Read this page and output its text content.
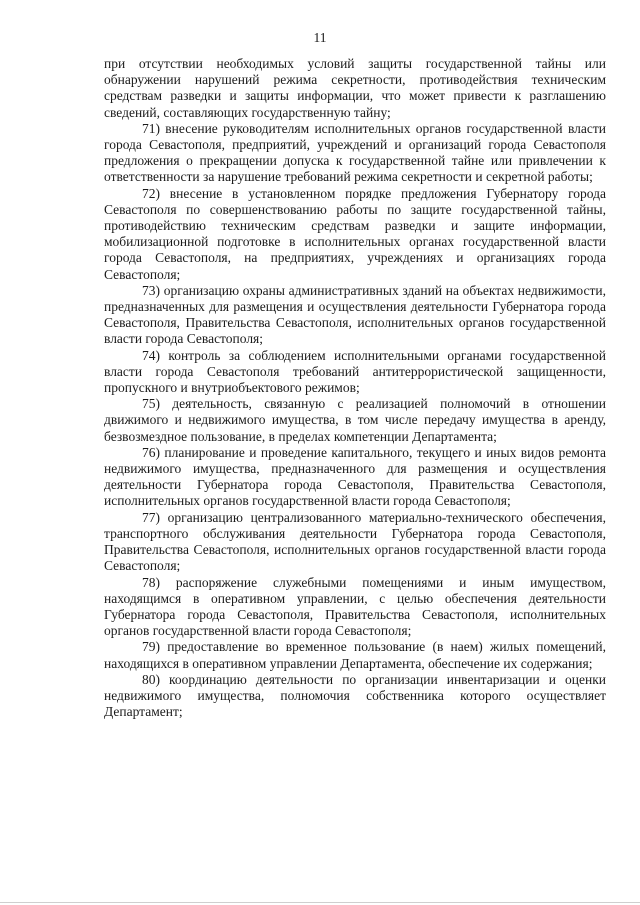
11

при отсутствии необходимых условий защиты государственной тайны или обнаружении нарушений режима секретности, противодействия техническим средствам разведки и защиты информации, что может привести к разглашению сведений, составляющих государственную тайну;

71) внесение руководителям исполнительных органов государственной власти города Севастополя, предприятий, учреждений и организаций города Севастополя предложения о прекращении допуска к государственной тайне или привлечении к ответственности за нарушение требований режима секретности и секретной работы;

72) внесение в установленном порядке предложения Губернатору города Севастополя по совершенствованию работы по защите государственной тайны, противодействию техническим средствам разведки и защите информации, мобилизационной подготовке в исполнительных органах государственной власти города Севастополя, на предприятиях, учреждениях и организациях города Севастополя;

73) организацию охраны административных зданий на объектах недвижимости, предназначенных для размещения и осуществления деятельности Губернатора города Севастополя, Правительства Севастополя, исполнительных органов государственной власти города Севастополя;

74) контроль за соблюдением исполнительными органами государственной власти города Севастополя требований антитеррористической защищенности, пропускного и внутриобъектового режимов;

75) деятельность, связанную с реализацией полномочий в отношении движимого и недвижимого имущества, в том числе передачу имущества в аренду, безвозмездное пользование, в пределах компетенции Департамента;

76) планирование и проведение капитального, текущего и иных видов ремонта недвижимого имущества, предназначенного для размещения и осуществления деятельности Губернатора города Севастополя, Правительства Севастополя, исполнительных органов государственной власти города Севастополя;

77) организацию централизованного материально-технического обеспечения, транспортного обслуживания деятельности Губернатора города Севастополя, Правительства Севастополя, исполнительных органов государственной власти города Севастополя;

78) распоряжение служебными помещениями и иным имуществом, находящимся в оперативном управлении, с целью обеспечения деятельности Губернатора города Севастополя, Правительства Севастополя, исполнительных органов государственной власти города Севастополя;

79) предоставление во временное пользование (в наем) жилых помещений, находящихся в оперативном управлении Департамента, обеспечение их содержания;

80) координацию деятельности по организации инвентаризации и оценки недвижимого имущества, полномочия собственника которого осуществляет Департамент;
